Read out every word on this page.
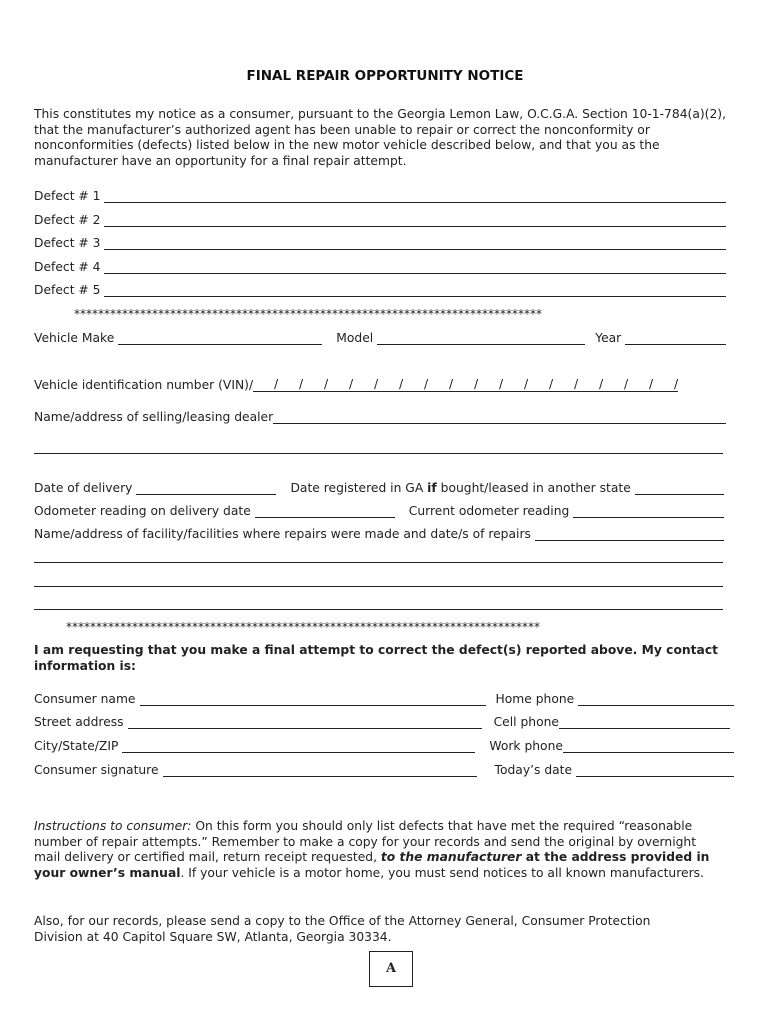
FINAL REPAIR OPPORTUNITY NOTICE
This constitutes my notice as a consumer, pursuant to the Georgia Lemon Law, O.C.G.A. Section 10-1-784(a)(2), that the manufacturer’s authorized agent has been unable to repair or correct the nonconformity or nonconformities (defects) listed below in the new motor vehicle described below, and that you as the manufacturer have an opportunity for a final repair attempt.
Defect # 1
Defect # 2
Defect # 3
Defect # 4
Defect # 5
******************************************************************************
Vehicle Make	Model	Year
Vehicle identification number (VIN)/	/	/	/	/	/	/	/	/	/	/	/	/	/	/	/	/	/
Name/address of selling/leasing dealer
Date of delivery	Date registered in GA if bought/leased in another state
Odometer reading on delivery date	Current odometer reading
Name/address of facility/facilities where repairs were made and date/s of repairs
*******************************************************************************
I am requesting that you make a final attempt to correct the defect(s) reported above. My contact information is:
Consumer name	Home phone
Street address	Cell phone
City/State/ZIP	Work phone
Consumer signature	Today’s date
Instructions to consumer: On this form you should only list defects that have met the required “reasonable number of repair attempts.” Remember to make a copy for your records and send the original by overnight mail delivery or certified mail, return receipt requested, to the manufacturer at the address provided in your owner’s manual. If your vehicle is a motor home, you must send notices to all known manufacturers.
Also, for our records, please send a copy to the Office of the Attorney General, Consumer Protection Division at 40 Capitol Square SW, Atlanta, Georgia 30334.
A
